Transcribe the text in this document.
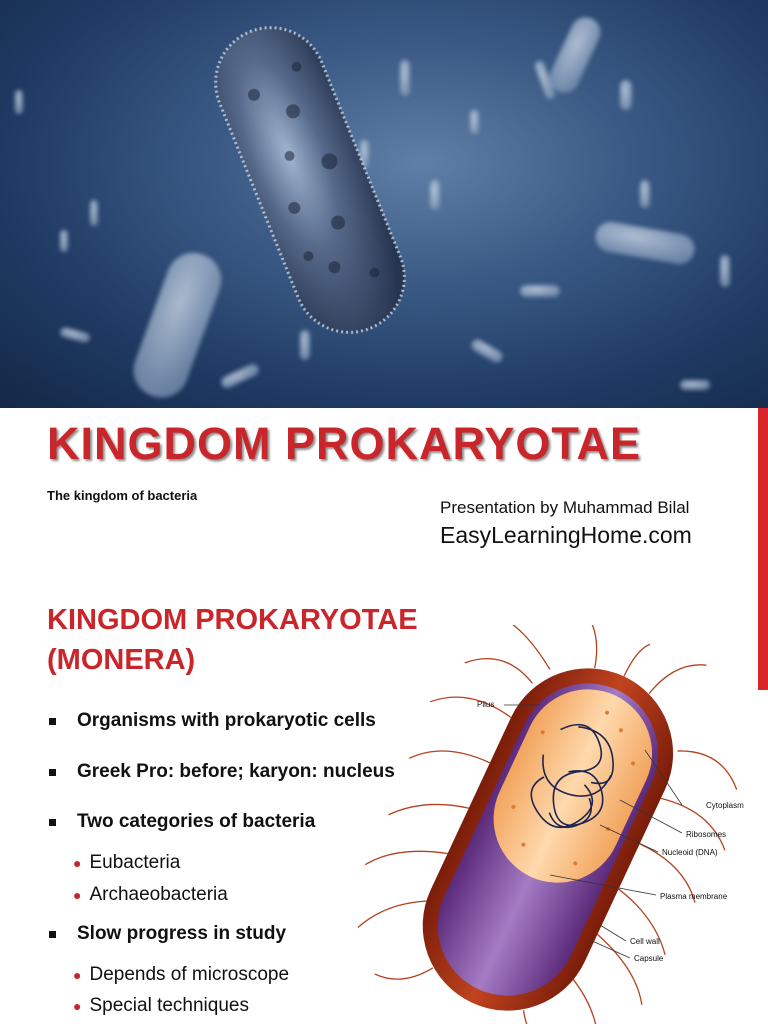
KINGDOM PROKARYOTAE
The kingdom of bacteria
Presentation by Muhammad Bilal
EasyLearningHome.com
KINGDOM PROKARYOTAE
(MONERA)
Organisms with prokaryotic cells
Greek Pro: before; karyon: nucleus
Two categories of bacteria
● Eubacteria
● Archaeobacteria
Slow progress in study
● Depends of microscope
● Special techniques
Pilus
Cytoplasm
Ribosomes
Nucleoid (DNA)
Plasma membrane
Cell wall
Capsule
